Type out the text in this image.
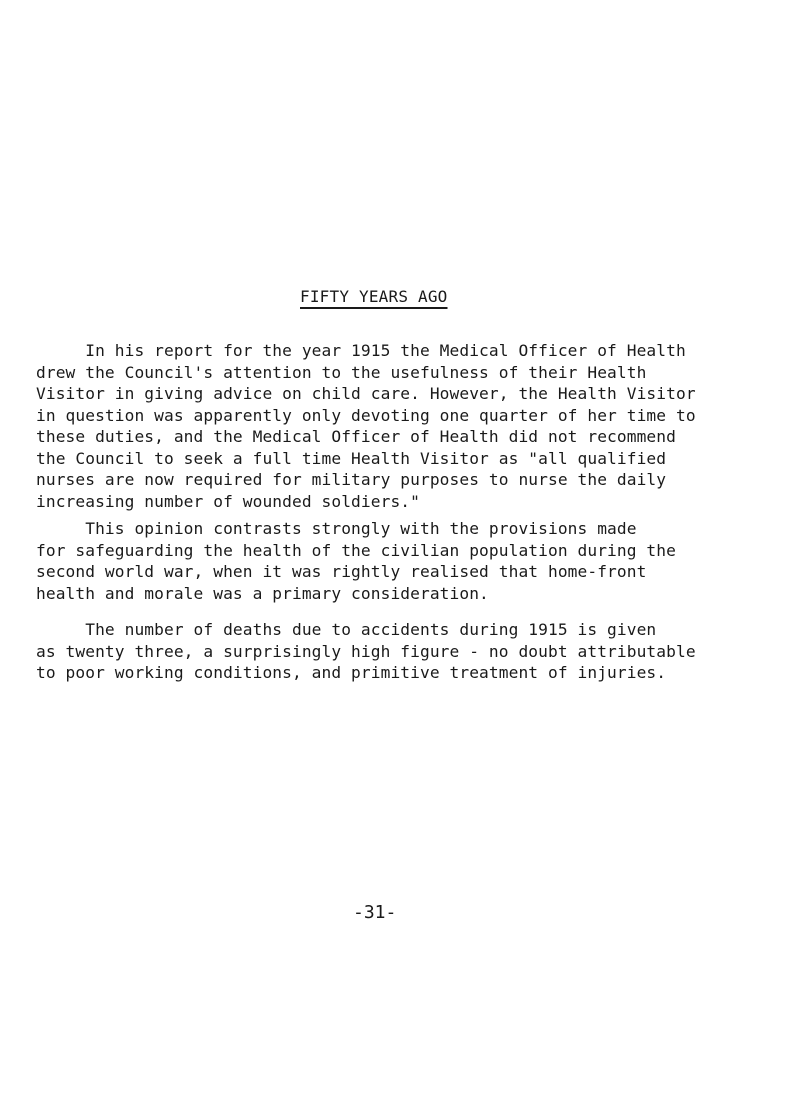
FIFTY YEARS AGO
In his report for the year 1915 the Medical Officer of Health
drew the Council's attention to the usefulness of their Health
Visitor in giving advice on child care. However, the Health Visitor
in question was apparently only devoting one quarter of her time to
these duties, and the Medical Officer of Health did not recommend
the Council to seek a full time Health Visitor as "all qualified
nurses are now required for military purposes to nurse the daily
increasing number of wounded soldiers."
This opinion contrasts strongly with the provisions made
for safeguarding the health of the civilian population during the
second world war, when it was rightly realised that home-front
health and morale was a primary consideration.
The number of deaths due to accidents during 1915 is given
as twenty three, a surprisingly high figure - no doubt attributable
to poor working conditions, and primitive treatment of injuries.
-31-
